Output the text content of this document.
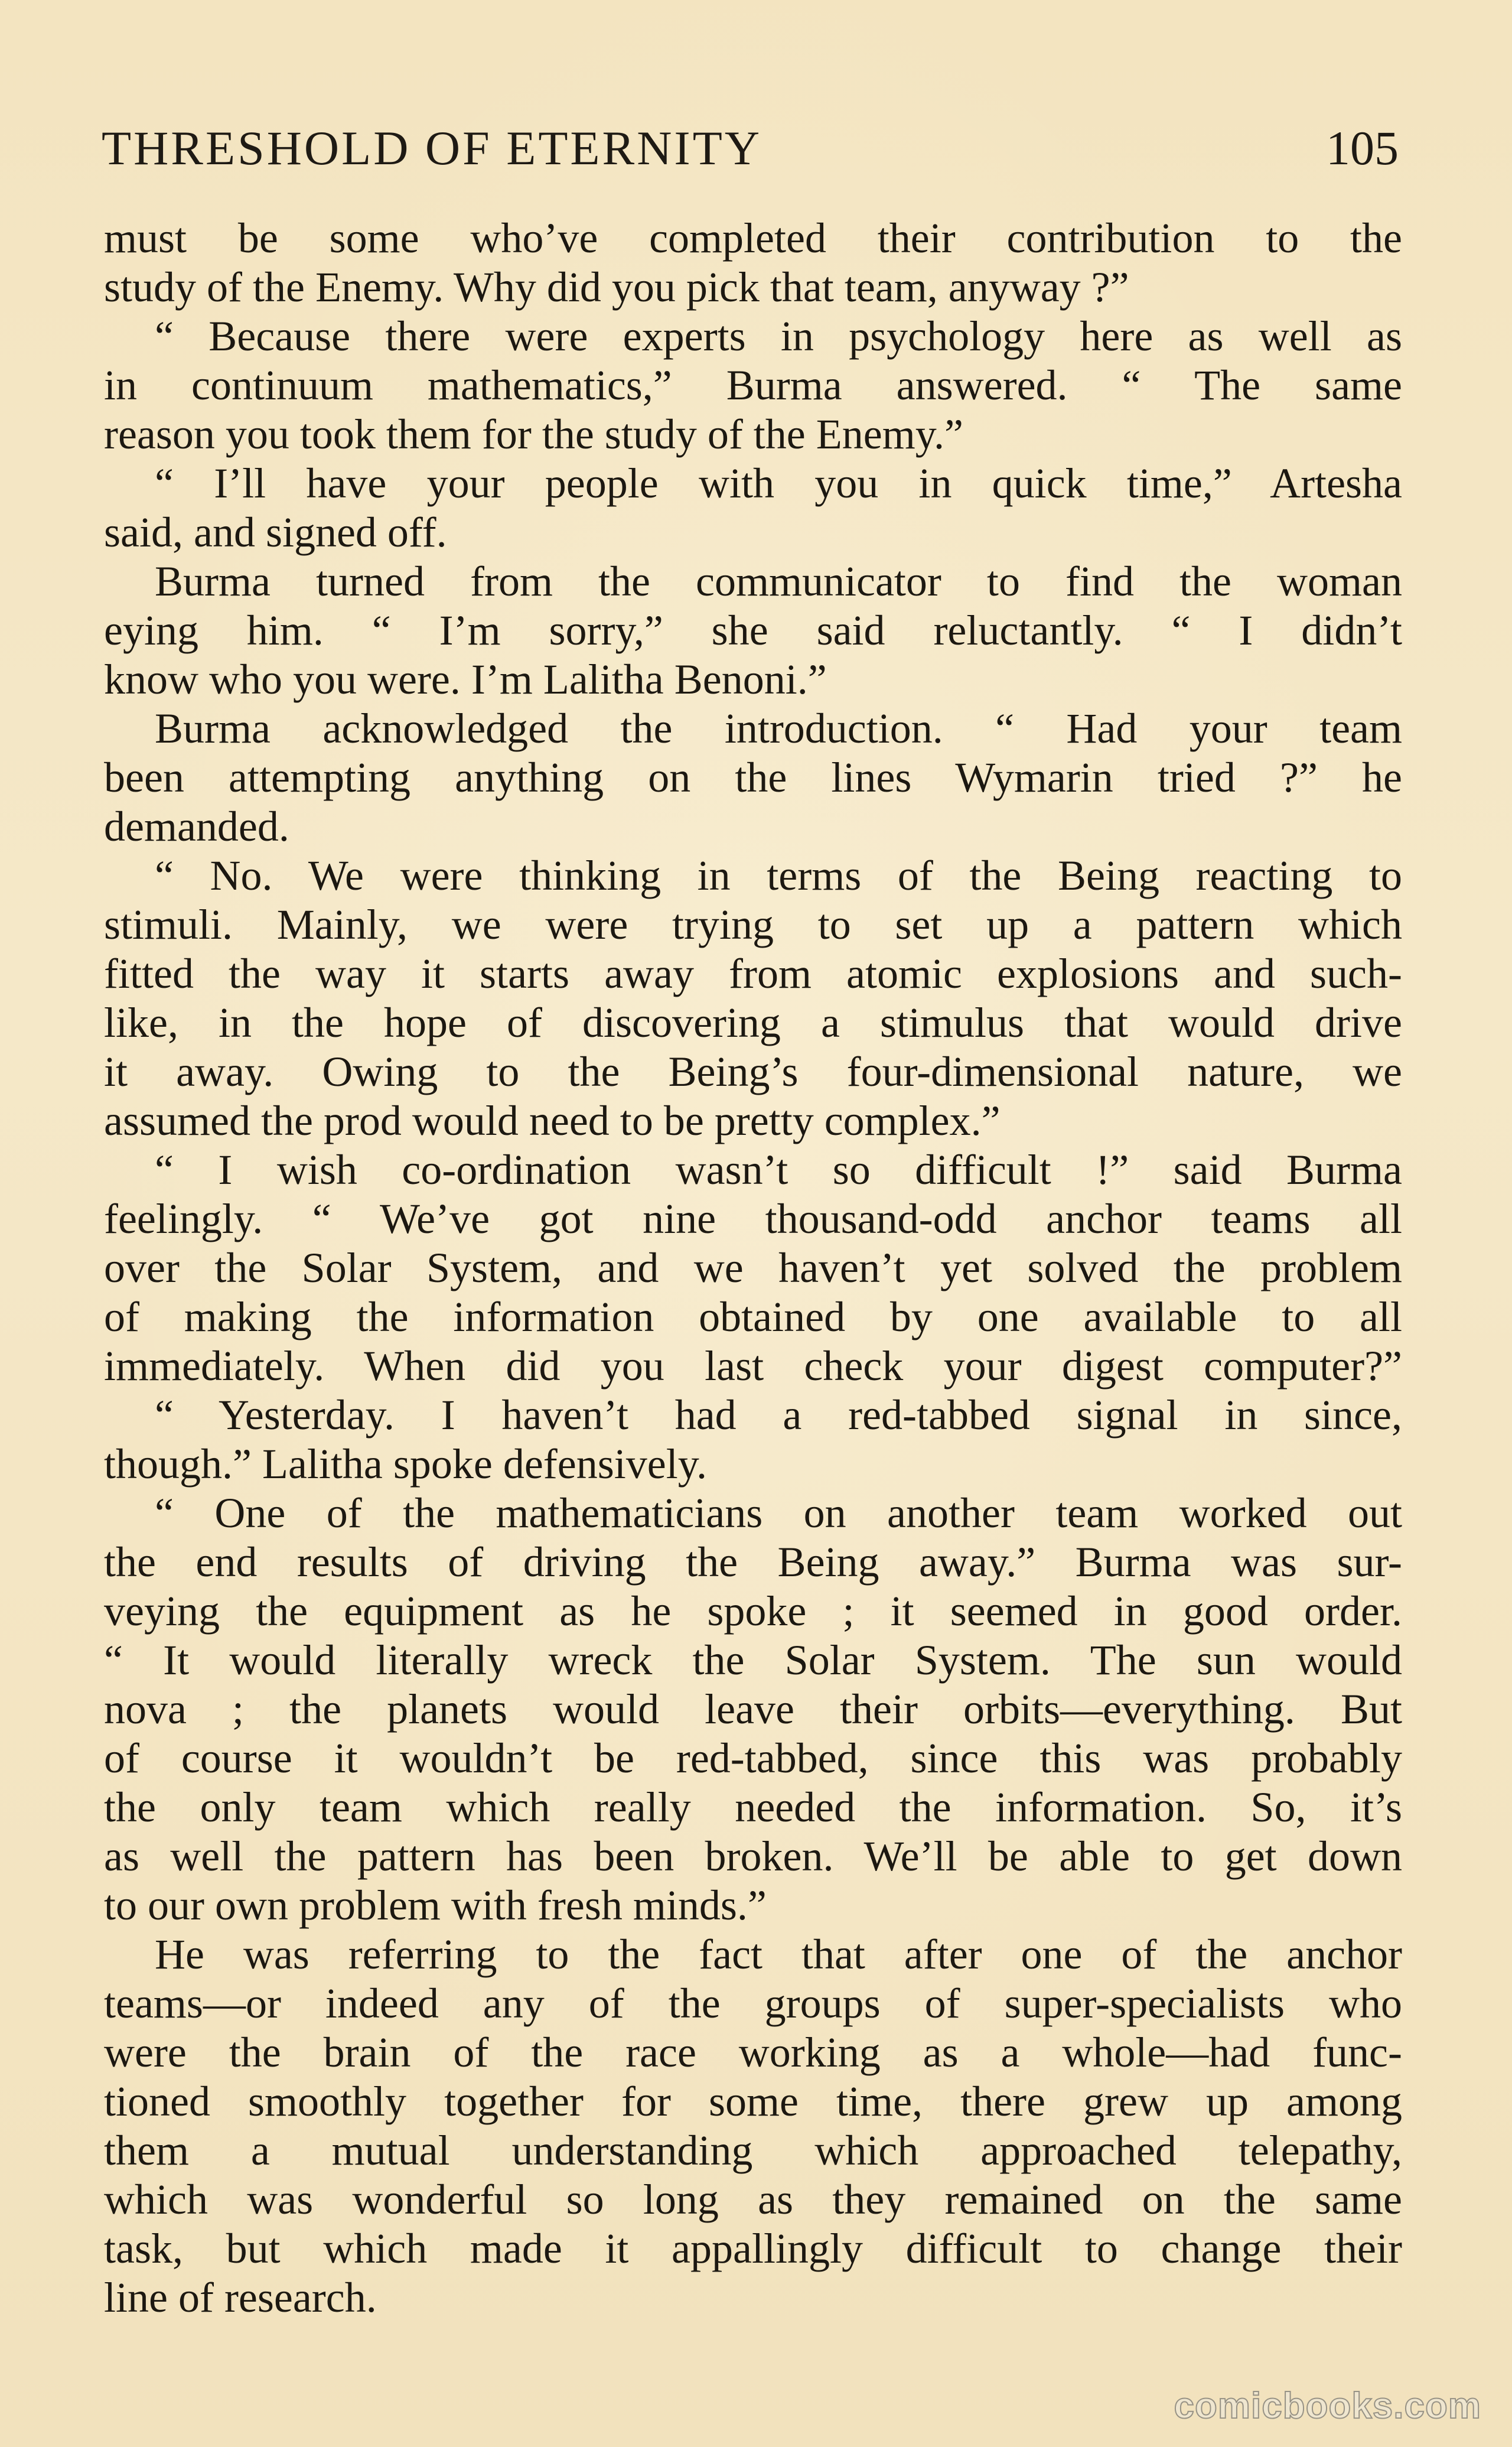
THRESHOLD OF ETERNITY	105
must be some who’ve completed their contribution to the
study of the Enemy. Why did you pick that team, anyway ?”
“ Because there were experts in psychology here as well as
in continuum mathematics,” Burma answered. “ The same
reason you took them for the study of the Enemy.”
“ I’ll have your people with you in quick time,” Artesha
said, and signed off.
Burma turned from the communicator to find the woman
eying him. “ I’m sorry,” she said reluctantly. “ I didn’t
know who you were. I’m Lalitha Benoni.”
Burma acknowledged the introduction. “ Had your team
been attempting anything on the lines Wymarin tried ?” he
demanded.
“ No. We were thinking in terms of the Being reacting to
stimuli. Mainly, we were trying to set up a pattern which
fitted the way it starts away from atomic explosions and such-
like, in the hope of discovering a stimulus that would drive
it away. Owing to the Being’s four-dimensional nature, we
assumed the prod would need to be pretty complex.”
“ I wish co-ordination wasn’t so difficult !” said Burma
feelingly. “ We’ve got nine thousand-odd anchor teams all
over the Solar System, and we haven’t yet solved the problem
of making the information obtained by one available to all
immediately. When did you last check your digest computer?”
“ Yesterday. I haven’t had a red-tabbed signal in since,
though.” Lalitha spoke defensively.
“ One of the mathematicians on another team worked out
the end results of driving the Being away.” Burma was sur-
veying the equipment as he spoke ; it seemed in good order.
“ It would literally wreck the Solar System. The sun would
nova ; the planets would leave their orbits—everything. But
of course it wouldn’t be red-tabbed, since this was probably
the only team which really needed the information. So, it’s
as well the pattern has been broken. We’ll be able to get down
to our own problem with fresh minds.”
He was referring to the fact that after one of the anchor
teams—or indeed any of the groups of super-specialists who
were the brain of the race working as a whole—had func-
tioned smoothly together for some time, there grew up among
them a mutual understanding which approached telepathy,
which was wonderful so long as they remained on the same
task, but which made it appallingly difficult to change their
line of research.
comicbooks.com
